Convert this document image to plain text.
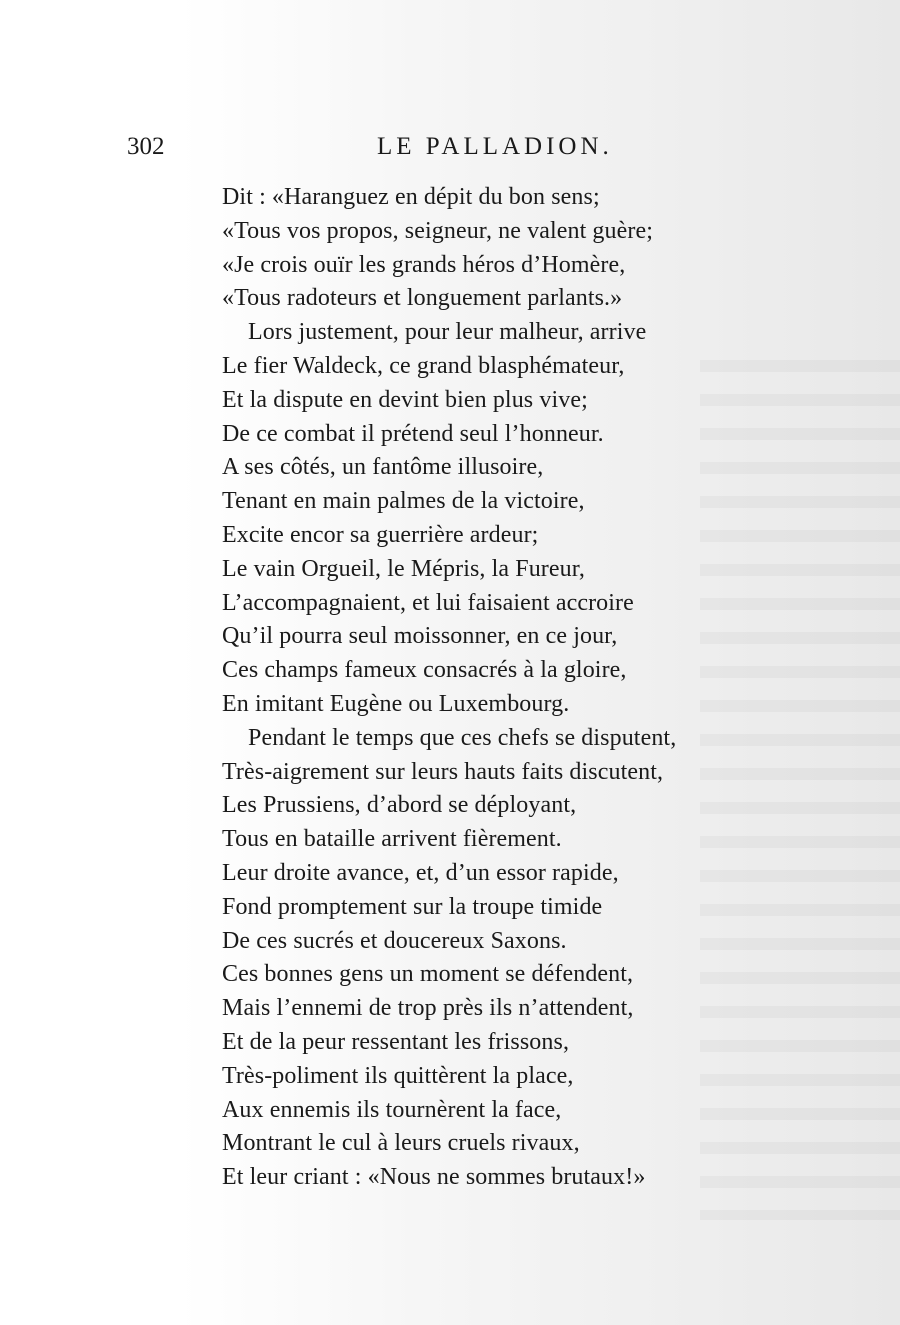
302	LE PALLADION.
Dit : «Haranguez en dépit du bon sens;
«Tous vos propos, seigneur, ne valent guère;
«Je crois ouïr les grands héros d’Homère,
«Tous radoteurs et longuement parlants.»
Lors justement, pour leur malheur, arrive
Le fier Waldeck, ce grand blasphémateur,
Et la dispute en devint bien plus vive;
De ce combat il prétend seul l’honneur.
A ses côtés, un fantôme illusoire,
Tenant en main palmes de la victoire,
Excite encor sa guerrière ardeur;
Le vain Orgueil, le Mépris, la Fureur,
L’accompagnaient, et lui faisaient accroire
Qu’il pourra seul moissonner, en ce jour,
Ces champs fameux consacrés à la gloire,
En imitant Eugène ou Luxembourg.
Pendant le temps que ces chefs se disputent,
Très-aigrement sur leurs hauts faits discutent,
Les Prussiens, d’abord se déployant,
Tous en bataille arrivent fièrement.
Leur droite avance, et, d’un essor rapide,
Fond promptement sur la troupe timide
De ces sucrés et doucereux Saxons.
Ces bonnes gens un moment se défendent,
Mais l’ennemi de trop près ils n’attendent,
Et de la peur ressentant les frissons,
Très-poliment ils quittèrent la place,
Aux ennemis ils tournèrent la face,
Montrant le cul à leurs cruels rivaux,
Et leur criant : «Nous ne sommes brutaux!»
